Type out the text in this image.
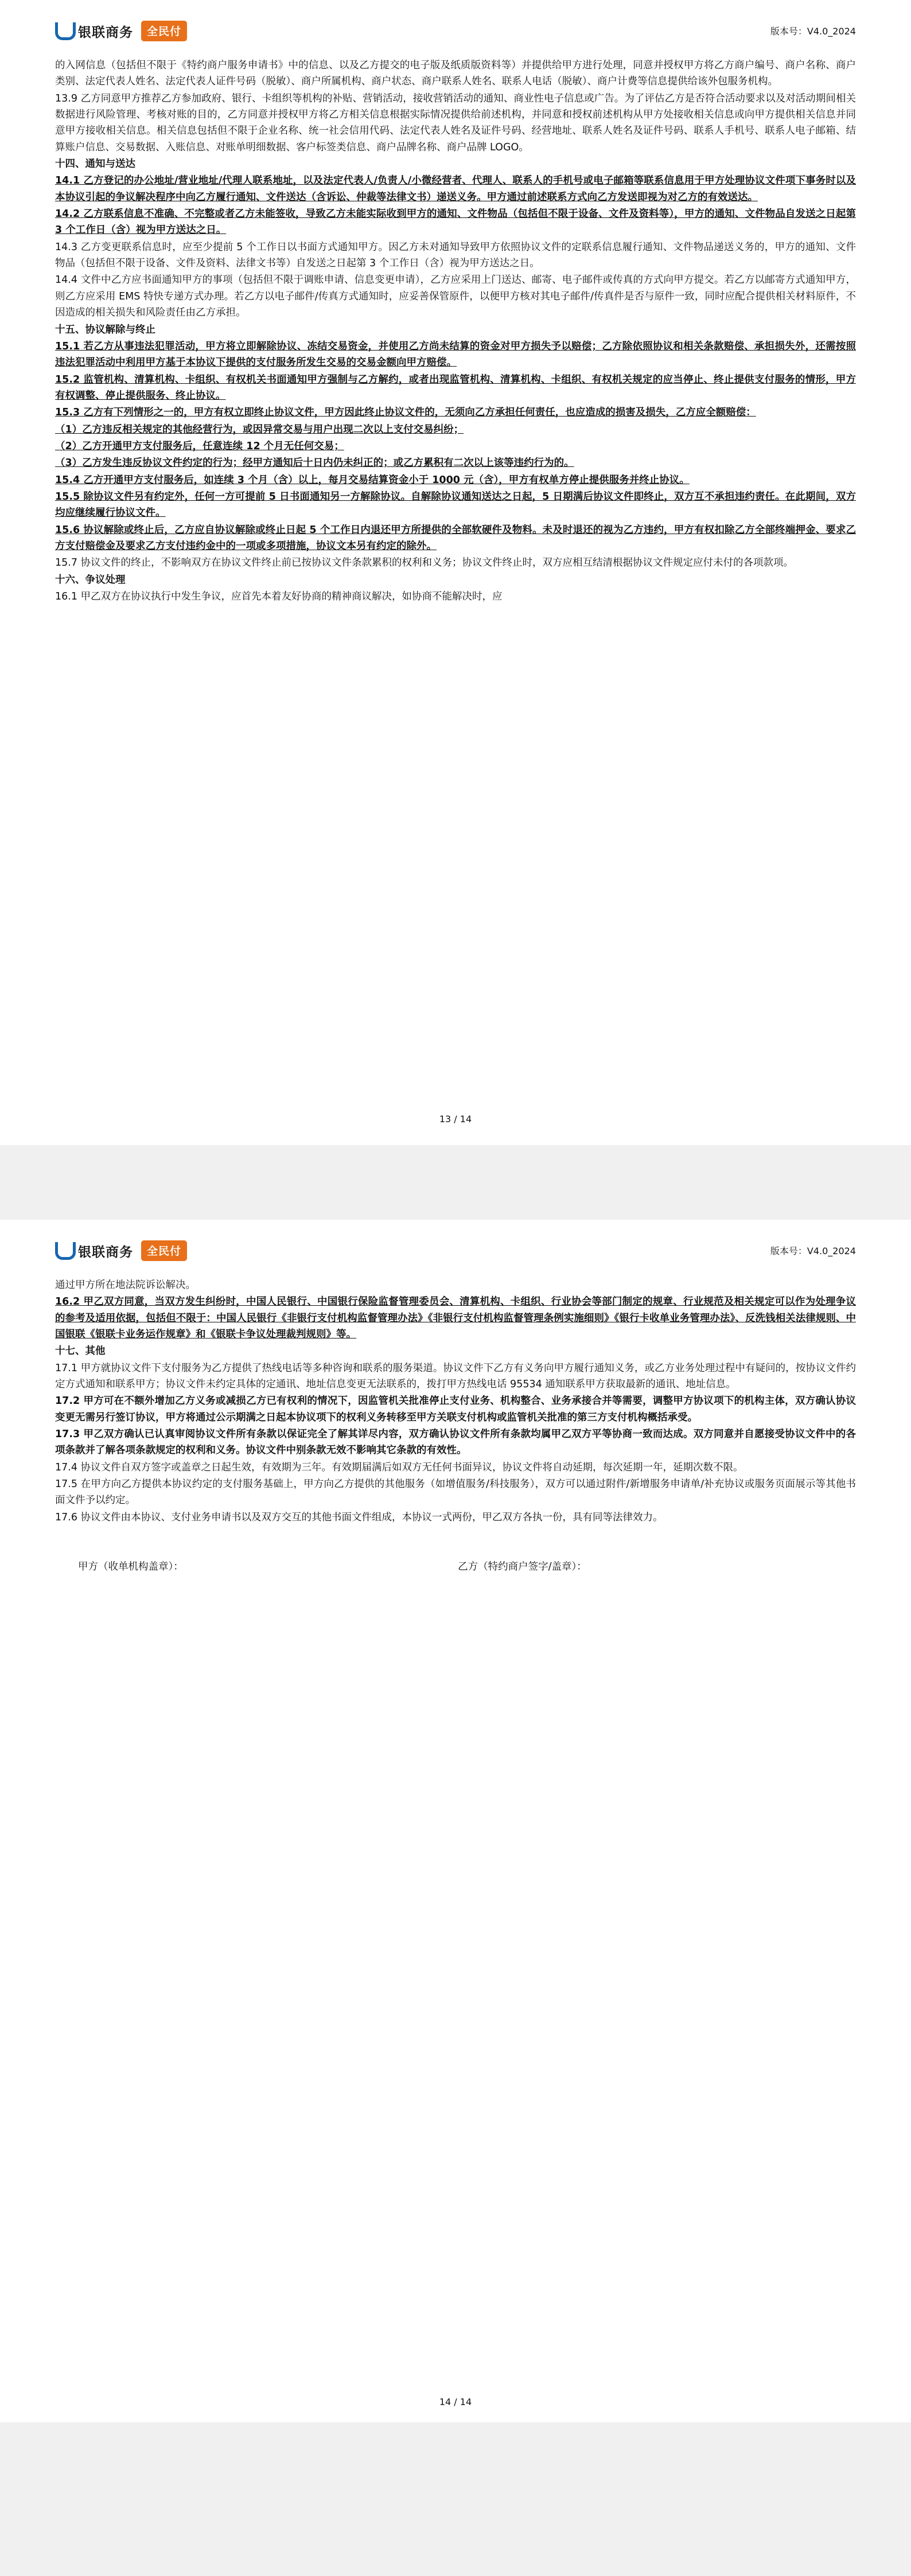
银联商务	全民付	版本号：V4.0_2024

的入网信息（包括但不限于《特约商户服务申请书》中的信息、以及乙方提交的电子版及纸质版资料等）并提供给甲方进行处理，同意并授权甲方将乙方商户编号、商户名称、商户类别、法定代表人姓名、法定代表人证件号码（脱敏）、商户所属机构、商户状态、商户联系人姓名、联系人电话（脱敏）、商户计费等信息提供给该外包服务机构。

13.9 乙方同意甲方推荐乙方参加政府、银行、卡组织等机构的补贴、营销活动，接收营销活动的通知、商业性电子信息或广告。为了评估乙方是否符合活动要求以及对活动期间相关数据进行风险管理、考核对账的目的，乙方同意并授权甲方将乙方相关信息根据实际情况提供给前述机构，并同意和授权前述机构从甲方处接收相关信息或向甲方提供相关信息并同意甲方接收相关信息。相关信息包括但不限于企业名称、统一社会信用代码、法定代表人姓名及证件号码、经营地址、联系人姓名及证件号码、联系人手机号、联系人电子邮箱、结算账户信息、交易数据、入账信息、对账单明细数据、客户标签类信息、商户品牌名称、商户品牌 LOGO。

十四、通知与送达

14.1 乙方登记的办公地址/营业地址/代理人联系地址，以及法定代表人/负责人/小微经营者、代理人、联系人的手机号或电子邮箱等联系信息用于甲方处理协议文件项下事务时以及本协议引起的争议解决程序中向乙方履行通知、文件送达（含诉讼、仲裁等法律文书）递送义务。甲方通过前述联系方式向乙方发送即视为对乙方的有效送达。

14.2 乙方联系信息不准确、不完整或者乙方未能签收，导致乙方未能实际收到甲方的通知、文件物品（包括但不限于设备、文件及资料等），甲方的通知、文件物品自发送之日起第 3 个工作日（含）视为甲方送达之日。

14.3 乙方变更联系信息时，应至少提前 5 个工作日以书面方式通知甲方。因乙方未对通知导致甲方依照协议文件的定联系信息履行通知、文件物品递送义务的，甲方的通知、文件物品（包括但不限于设备、文件及资料、法律文书等）自发送之日起第 3 个工作日（含）视为甲方送达之日。

14.4 文件中乙方应书面通知甲方的事项（包括但不限于调账申请、信息变更申请），乙方应采用上门送达、邮寄、电子邮件或传真的方式向甲方提交。若乙方以邮寄方式通知甲方，则乙方应采用 EMS 特快专递方式办理。若乙方以电子邮件/传真方式通知时，应妥善保管原件，以便甲方核对其电子邮件/传真件是否与原件一致，同时应配合提供相关材料原件，不因造成的相关损失和风险责任由乙方承担。

十五、协议解除与终止

15.1 若乙方从事违法犯罪活动，甲方将立即解除协议、冻结交易资金，并使用乙方尚未结算的资金对甲方损失予以赔偿；乙方除依照协议和相关条款赔偿、承担损失外，还需按照违法犯罪活动中利用甲方基于本协议下提供的支付服务所发生交易的交易金额向甲方赔偿。

15.2 监管机构、清算机构、卡组织、有权机关书面通知甲方强制与乙方解约，或者出现监管机构、清算机构、卡组织、有权机关规定的应当停止、终止提供支付服务的情形，甲方有权调整、停止提供服务、终止协议。

15.3 乙方有下列情形之一的，甲方有权立即终止协议文件，甲方因此终止协议文件的，无须向乙方承担任何责任，也应造成的损害及损失，乙方应全额赔偿：

（1）乙方违反相关规定的其他经营行为，或因异常交易与用户出现二次以上支付交易纠纷；

（2）乙方开通甲方支付服务后，任意连续 12 个月无任何交易；

（3）乙方发生违反协议文件约定的行为；经甲方通知后十日内仍未纠正的；或乙方累积有二次以上该等违约行为的。

15.4 乙方开通甲方支付服务后，如连续 3 个月（含）以上，每月交易结算资金小于 1000 元（含），甲方有权单方停止提供服务并终止协议。

15.5 除协议文件另有约定外，任何一方可提前 5 日书面通知另一方解除协议。自解除协议通知送达之日起，5 日期满后协议文件即终止，双方互不承担违约责任。在此期间，双方均应继续履行协议文件。

15.6 协议解除或终止后，乙方应自协议解除或终止日起 5 个工作日内退还甲方所提供的全部软硬件及物料。未及时退还的视为乙方违约，甲方有权扣除乙方全部终端押金、要求乙方支付赔偿金及要求乙方支付违约金中的一项或多项措施，协议文本另有约定的除外。

15.7 协议文件的终止，不影响双方在协议文件终止前已按协议文件条款累积的权利和义务；协议文件终止时，双方应相互结清根据协议文件规定应付未付的各项款项。

十六、争议处理

16.1 甲乙双方在协议执行中发生争议，应首先本着友好协商的精神商议解决，如协商不能解决时，应

13 / 14
银联商务	全民付	版本号：V4.0_2024

通过甲方所在地法院诉讼解决。

16.2 甲乙双方同意，当双方发生纠纷时，中国人民银行、中国银行保险监督管理委员会、清算机构、卡组织、行业协会等部门制定的规章、行业规范及相关规定可以作为处理争议的参考及适用依据，包括但不限于：中国人民银行《非银行支付机构监督管理办法》《非银行支付机构监督管理条例实施细则》《银行卡收单业务管理办法》、反洗钱相关法律规则、中国银联《银联卡业务运作规章》和《银联卡争议处理裁判规则》等。

十七、其他

17.1 甲方就协议文件下支付服务为乙方提供了热线电话等多种咨询和联系的服务渠道。协议文件下乙方有义务向甲方履行通知义务，或乙方业务处理过程中有疑问的，按协议文件约定方式通知和联系甲方；协议文件未约定具体的定通讯、地址信息变更无法联系的，拨打甲方热线电话 95534 通知联系甲方获取最新的通讯、地址信息。

17.2 甲方可在不额外增加乙方义务或减损乙方已有权利的情况下，因监管机关批准停止支付业务、机构整合、业务承接合并等需要，调整甲方协议项下的机构主体，双方确认协议变更无需另行签订协议，甲方将通过公示期满之日起本协议项下的权利义务转移至甲方关联支付机构或监管机关批准的第三方支付机构概括承受。

17.3 甲乙双方确认已认真审阅协议文件所有条款以保证完全了解其详尽内容，双方确认协议文件所有条款均属甲乙双方平等协商一致而达成。双方同意并自愿接受协议文件中的各项条款并了解各项条款规定的权利和义务。协议文件中别条款无效不影响其它条款的有效性。

17.4 协议文件自双方签字或盖章之日起生效，有效期为三年。有效期届满后如双方无任何书面异议，协议文件将自动延期，每次延期一年，延期次数不限。

17.5 在甲方向乙方提供本协议约定的支付服务基础上，甲方向乙方提供的其他服务（如增值服务/科技服务），双方可以通过附件/新增服务申请单/补充协议或服务页面展示等其他书面文件予以约定。

17.6 协议文件由本协议、支付业务申请书以及双方交互的其他书面文件组成，本协议一式两份，甲乙双方各执一份，具有同等法律效力。

甲方（收单机构盖章）：	乙方（特约商户签字/盖章）：
14 / 14
